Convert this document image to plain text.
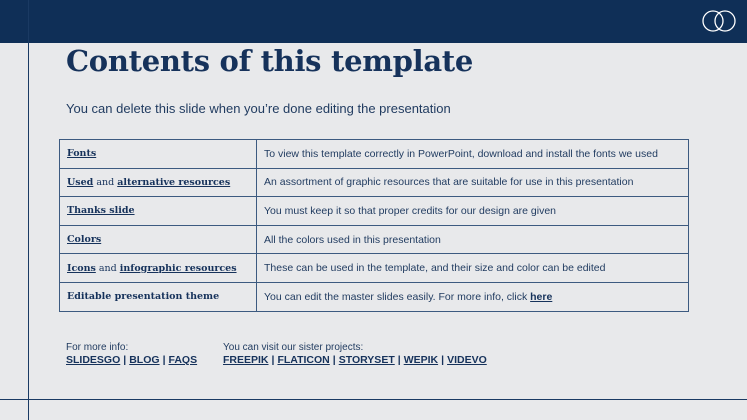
Contents of this template
You can delete this slide when you’re done editing the presentation
Fonts	To view this template correctly in PowerPoint, download and install the fonts we used
Used and alternative resources	An assortment of graphic resources that are suitable for use in this presentation
Thanks slide	You must keep it so that proper credits for our design are given
Colors	All the colors used in this presentation
Icons and infographic resources	These can be used in the template, and their size and color can be edited
Editable presentation theme	You can edit the master slides easily. For more info, click here
For more info:
SLIDESGO | BLOG | FAQS
You can visit our sister projects:
FREEPIK | FLATICON | STORYSET | WEPIK | VIDEVO
